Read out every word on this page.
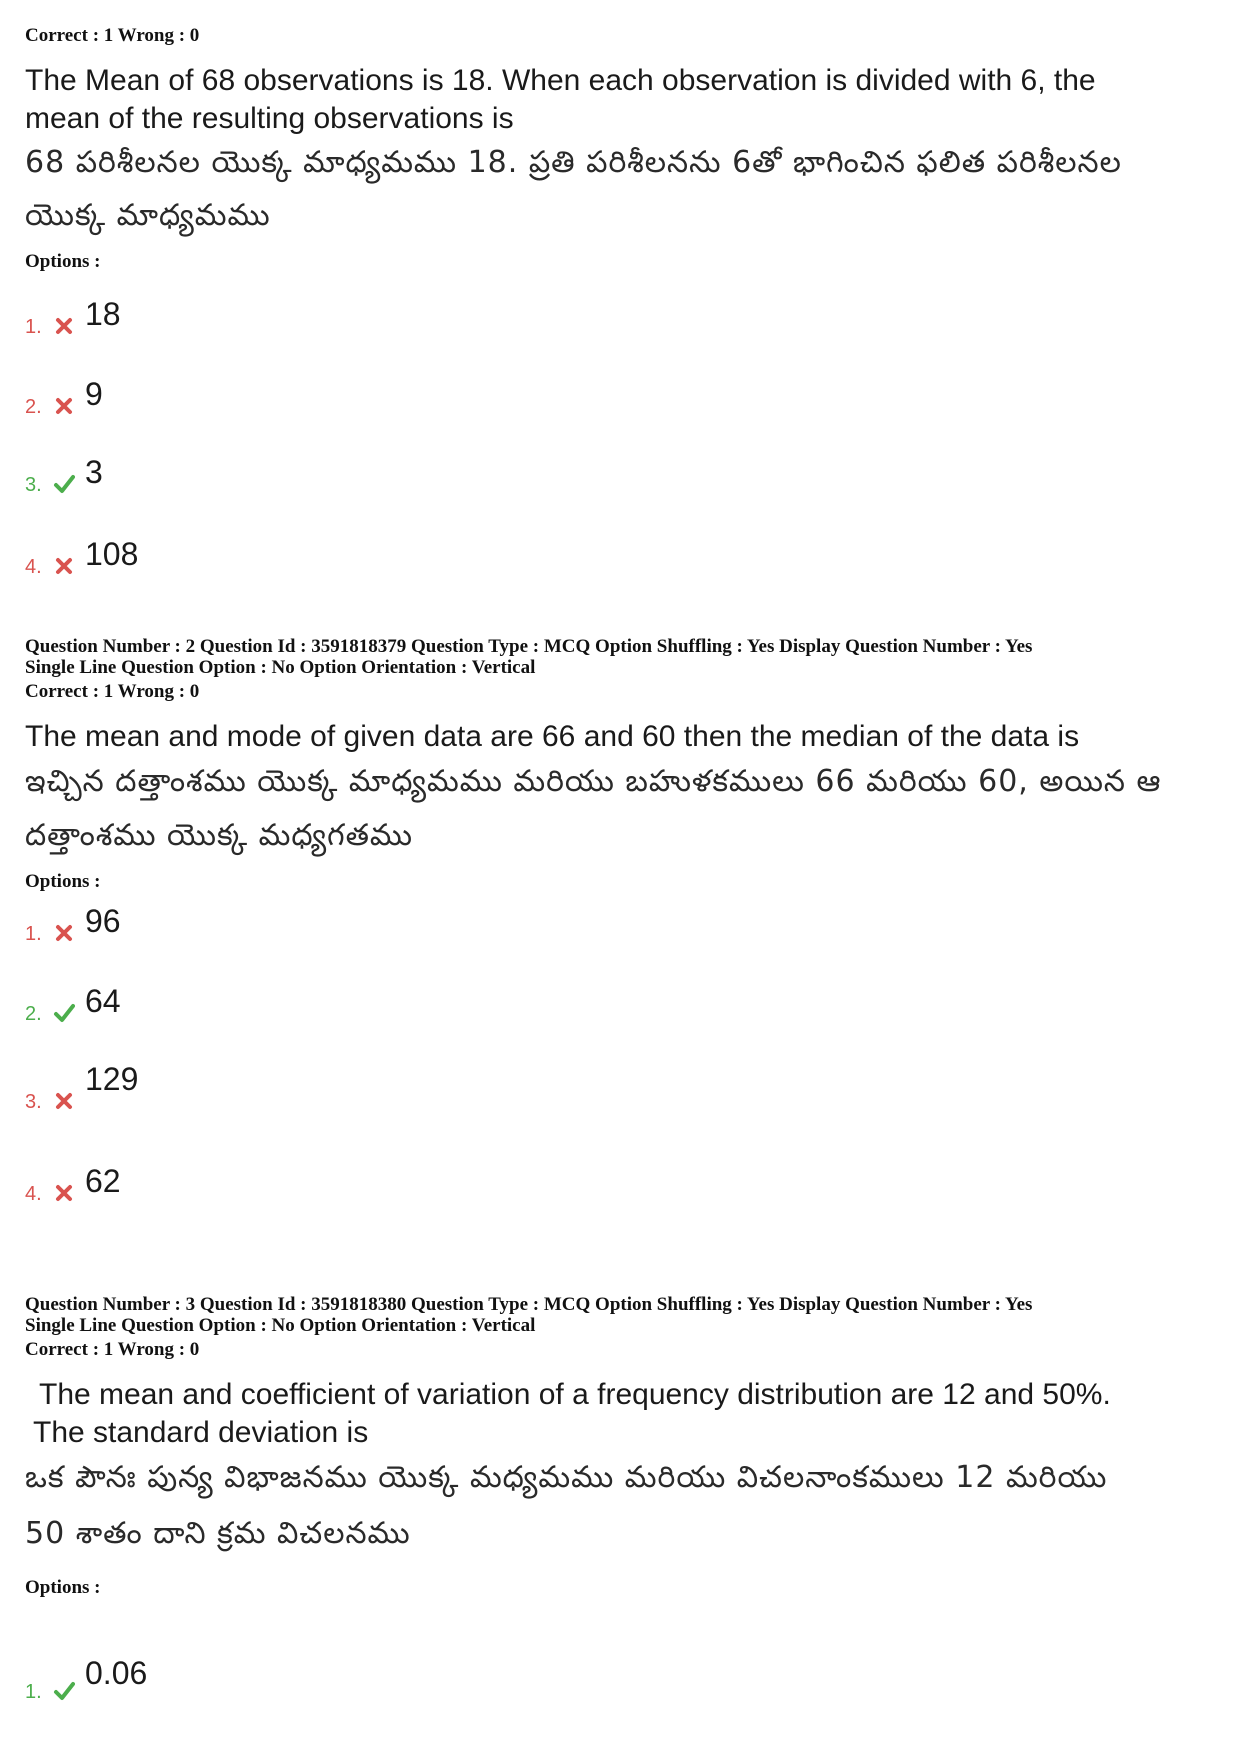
Correct : 1 Wrong : 0

The Mean of 68 observations is 18. When each observation is divided with 6, the

mean of the resulting observations is

68 పరిశీలనల యొక్క మాధ్యమము 18. ప్రతి పరిశీలనను 6తో భాగించిన ఫలిత పరిశీలనల

యొక్క మాధ్యమము

Options :

1. 18
2. 9
3. 3
4. 108

Question Number : 2 Question Id : 3591818379 Question Type : MCQ Option Shuffling : Yes Display Question Number : Yes

Single Line Question Option : No Option Orientation : Vertical

Correct : 1 Wrong : 0

The mean and mode of given data are 66 and 60 then the median of the data is

ఇచ్చిన దత్తాంశము యొక్క మాధ్యమము మరియు బహుళకములు 66 మరియు 60, అయిన ఆ

దత్తాంశము యొక్క మధ్యగతము

Options :

1. 96
2. 64
3.
129
4. 62

Question Number : 3 Question Id : 3591818380 Question Type : MCQ Option Shuffling : Yes Display Question Number : Yes

Single Line Question Option : No Option Orientation : Vertical

Correct : 1 Wrong : 0

The mean and coefficient of variation of a frequency distribution are 12 and 50%.

The standard deviation is

ఒక పౌనః పున్య విభాజనము యొక్క మధ్యమము మరియు విచలనాంకములు 12 మరియు

50 శాతం దాని క్రమ విచలనము

Options :

1.
0.06
